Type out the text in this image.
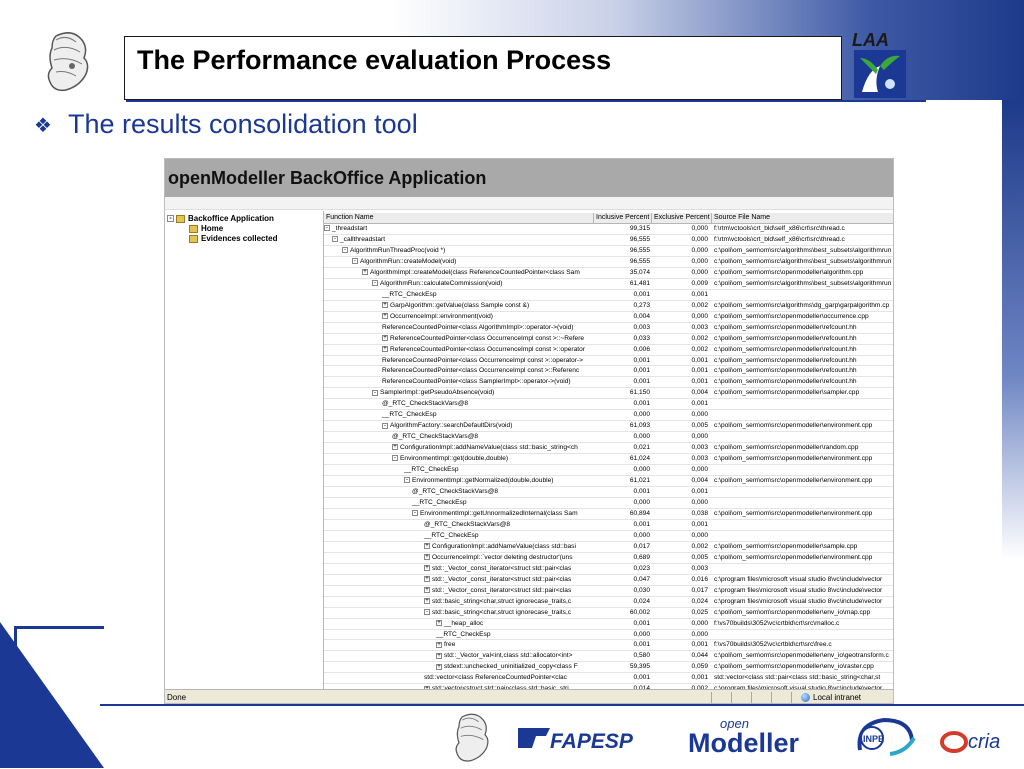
The Performance evaluation Process
LAA
❖ The results consolidation tool
openModeller BackOffice Application
- Backoffice Application
Home
Evidences collected
Function Name	Inclusive Percent Exclusive Percent Source File Name
- _threadstart	99,315	0,000 f:\rtm\vctools\crt_bld\self_x86\crt\src\thread.c
- _callthreadstart	96,555	0,000 f:\rtm\vctools\crt_bld\self_x86\crt\src\thread.c
- AlgorithmRunThreadProc(void *)	96,555	0,000 c:\poli\om_sem\om\src\algorithms\best_subsets\algorithmrun
- AlgorithmRun::createModel(void)	96,555	0,000 c:\poli\om_sem\om\src\algorithms\best_subsets\algorithmrun
+ AlgorithmImpl::createModel(class ReferenceCountedPointer<class Sam	35,074	0,000 c:\poli\om_sem\om\src\openmodeller\algorithm.cpp
- AlgorithmRun::calculateCommission(void)	61,481	0,009 c:\poli\om_sem\om\src\algorithms\best_subsets\algorithmrun
__RTC_CheckEsp	0,001	0,001
+ GarpAlgorithm::getValue(class Sample const &)	0,273	0,002 c:\poli\om_sem\om\src\algorithms\dg_garp\garpalgorithm.cp
+ OccurrenceImpl::environment(void)	0,004	0,000 c:\poli\om_sem\om\src\openmodeller\occurrence.cpp
ReferenceCountedPointer<class AlgorithmImpl>::operator->(void)	0,003	0,003 c:\poli\om_sem\om\src\openmodeller\refcount.hh
+ ReferenceCountedPointer<class OccurrenceImpl const >::~Refere	0,033	0,002 c:\poli\om_sem\om\src\openmodeller\refcount.hh
+ ReferenceCountedPointer<class OccurrenceImpl const >::operator	0,006	0,002 c:\poli\om_sem\om\src\openmodeller\refcount.hh
ReferenceCountedPointer<class OccurrenceImpl const >::operator->	0,001	0,001 c:\poli\om_sem\om\src\openmodeller\refcount.hh
ReferenceCountedPointer<class OccurrenceImpl const >::Referenc	0,001	0,001 c:\poli\om_sem\om\src\openmodeller\refcount.hh
ReferenceCountedPointer<class SamplerImpl>::operator->(void)	0,001	0,001 c:\poli\om_sem\om\src\openmodeller\refcount.hh
- SamplerImpl::getPseudoAbsence(void)	61,150	0,004 c:\poli\om_sem\om\src\openmodeller\sampler.cpp
@_RTC_CheckStackVars@8	0,001	0,001
__RTC_CheckEsp	0,000	0,000
- AlgorithmFactory::searchDefaultDirs(void)	61,093	0,005 c:\poli\om_sem\om\src\openmodeller\environment.cpp
@_RTC_CheckStackVars@8	0,000	0,000
+ ConfigurationImpl::addNameValue(class std::basic_string<ch	0,021	0,003 c:\poli\om_sem\om\src\openmodeller\random.cpp
- EnvironmentImpl::get(double,double)	61,024	0,003 c:\poli\om_sem\om\src\openmodeller\environment.cpp
__RTC_CheckEsp	0,000	0,000
- EnvironmentImpl::getNormalized(double,double)	61,021	0,004 c:\poli\om_sem\om\src\openmodeller\environment.cpp
@_RTC_CheckStackVars@8	0,001	0,001
__RTC_CheckEsp	0,000	0,000
- EnvironmentImpl::getUnnormalizedInternal(class Sam	60,894	0,038 c:\poli\om_sem\om\src\openmodeller\environment.cpp
@_RTC_CheckStackVars@8	0,001	0,001
__RTC_CheckEsp	0,000	0,000
+ ConfigurationImpl::addNameValue(class std::basi	0,017	0,002 c:\poli\om_sem\om\src\openmodeller\sample.cpp
+ OccurrenceImpl::`vector deleting destructor'(uns	0,689	0,005 c:\poli\om_sem\om\src\openmodeller\environment.cpp
+ std::_Vector_const_iterator<struct std::pair<clas	0,023	0,003
+ std::_Vector_const_iterator<struct std::pair<clas	0,047	0,016 c:\program files\microsoft visual studio 8\vc\include\vector
+ std::_Vector_const_iterator<struct std::pair<clas	0,030	0,017 c:\program files\microsoft visual studio 8\vc\include\vector
+ std::basic_string<char,struct ignorecase_traits,c	0,024	0,024 c:\program files\microsoft visual studio 8\vc\include\vector
- std::basic_string<char,struct ignorecase_traits,c	60,002	0,025 c:\poli\om_sem\om\src\openmodeller\env_io\map.cpp
+ __heap_alloc	0,001	0,000 f:\vs70builds\3052\vc\crtbld\crt\src\malloc.c
__RTC_CheckEsp	0,000	0,000
+ free	0,001	0,001 f:\vs70builds\3052\vc\crtbld\crt\src\free.c
+ std::_Vector_val<int,class std::allocator<int>	0,580	0,044 c:\poli\om_sem\om\src\openmodeller\env_io\geotransform.c
+ stdext::unchecked_uninitialized_copy<class F	59,395	0,059 c:\poli\om_sem\om\src\openmodeller\env_io\raster.cpp
std::vector<class ReferenceCountedPointer<clac	0,001	0,001 std::vector<class std::pair<class std::basic_string<char,st
Done	Local intranet
FAPESP
open
Modeller	INPE	cria
